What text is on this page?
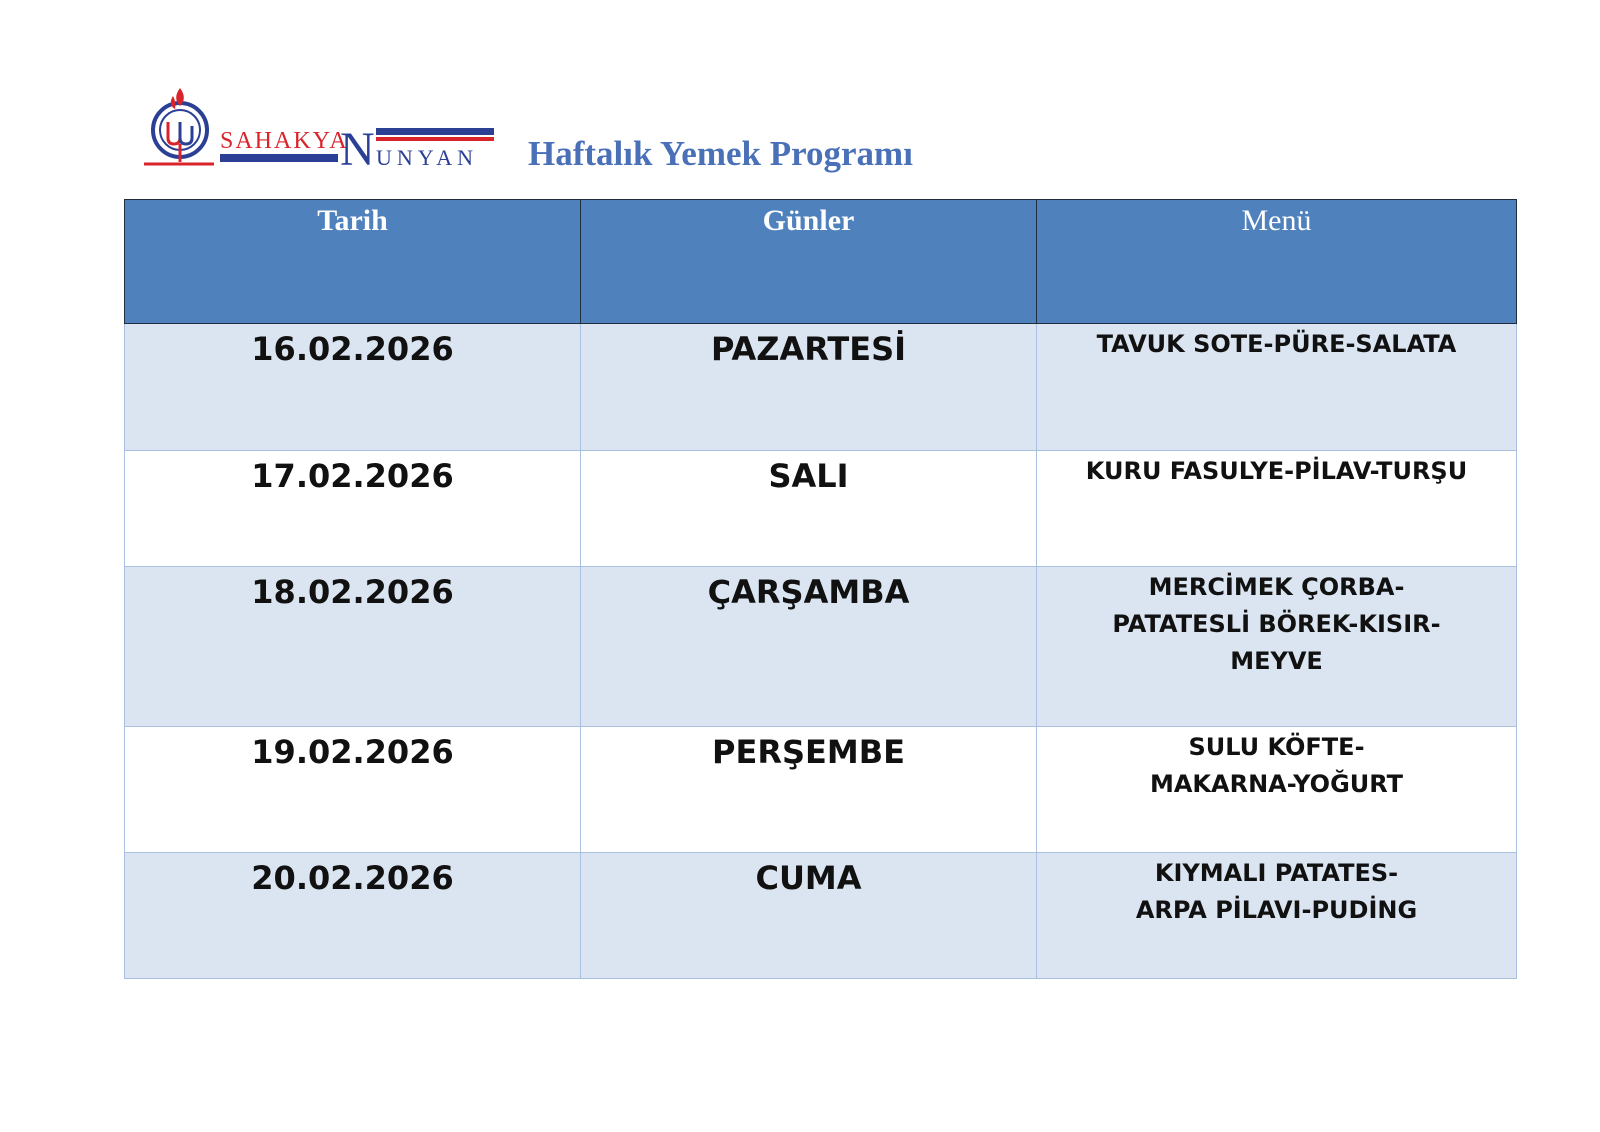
SAHAKYA
N UNYAN Haftalık Yemek Programı
Tarih	Günler	Menü
16.02.2026	PAZARTESİ	TAVUK SOTE-PÜRE-SALATA

17.02.2026	SALI	KURU FASULYE-PİLAV-TURŞU

18.02.2026	ÇARŞAMBA	MERCİMEK ÇORBA-
PATATESLİ BÖREK-KISIR-
MEYVE

19.02.2026	PERŞEMBE	SULU KÖFTE-
MAKARNA-YOĞURT

20.02.2026	CUMA	KIYMALI PATATES-
ARPA PİLAVI-PUDİNG
